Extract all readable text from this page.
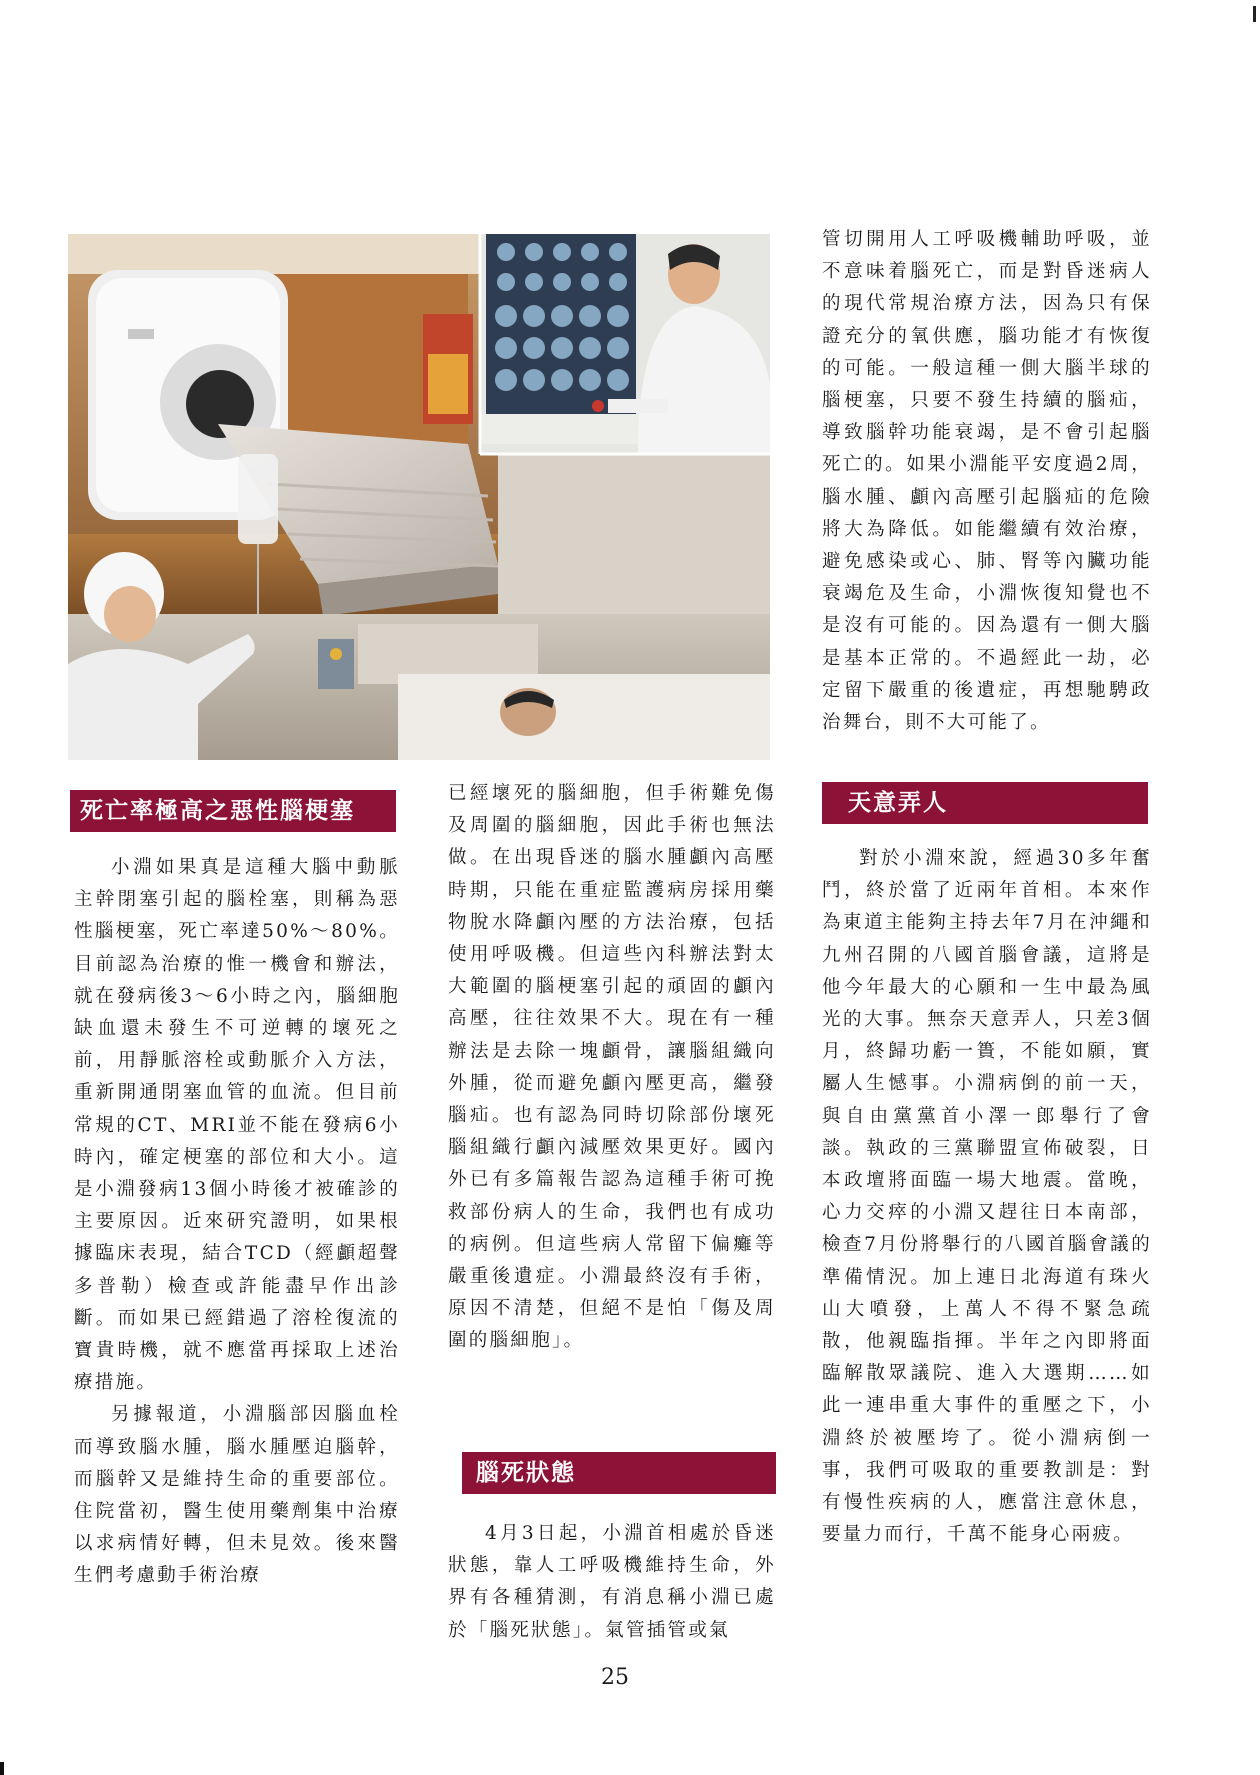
死亡率極高之惡性腦梗塞

小淵如果真是這種大腦中動脈主幹閉塞引起的腦栓塞，則稱為惡性腦梗塞，死亡率達50%～80%。目前認為治療的惟一機會和辦法，就在發病後3～6小時之內，腦細胞缺血還未發生不可逆轉的壞死之前，用靜脈溶栓或動脈介入方法，重新開通閉塞血管的血流。但目前常規的CT、MRI並不能在發病6小時內，確定梗塞的部位和大小。這是小淵發病13個小時後才被確診的主要原因。近來研究證明，如果根據臨床表現，結合TCD（經顱超聲多普勒）檢查或許能盡早作出診斷。而如果已經錯過了溶栓復流的寶貴時機，就不應當再採取上述治療措施。

另據報道，小淵腦部因腦血栓而導致腦水腫，腦水腫壓迫腦幹，而腦幹又是維持生命的重要部位。住院當初，醫生使用藥劑集中治療以求病情好轉，但未見效。後來醫生們考慮動手術治療

已經壞死的腦細胞，但手術難免傷及周圍的腦細胞，因此手術也無法做。在出現昏迷的腦水腫顱內高壓時期，只能在重症監護病房採用藥物脫水降顱內壓的方法治療，包括使用呼吸機。但這些內科辦法對太大範圍的腦梗塞引起的頑固的顱內高壓，往往效果不大。現在有一種辦法是去除一塊顱骨，讓腦組織向外腫，從而避免顱內壓更高，繼發腦疝。也有認為同時切除部份壞死腦組織行顱內減壓效果更好。國內外已有多篇報告認為這種手術可挽救部份病人的生命，我們也有成功的病例。但這些病人常留下偏癱等嚴重後遺症。小淵最終沒有手術，原因不清楚，但絕不是怕「傷及周圍的腦細胞」。

腦死狀態

4月3日起，小淵首相處於昏迷狀態，靠人工呼吸機維持生命，外界有各種猜測，有消息稱小淵已處於「腦死狀態」。氣管插管或氣

管切開用人工呼吸機輔助呼吸，並不意味着腦死亡，而是對昏迷病人的現代常規治療方法，因為只有保證充分的氧供應，腦功能才有恢復的可能。一般這種一側大腦半球的腦梗塞，只要不發生持續的腦疝，導致腦幹功能衰竭，是不會引起腦死亡的。如果小淵能平安度過2周，腦水腫、顱內高壓引起腦疝的危險將大為降低。如能繼續有效治療，避免感染或心、肺、腎等內臟功能衰竭危及生命，小淵恢復知覺也不是沒有可能的。因為還有一側大腦是基本正常的。不過經此一劫，必定留下嚴重的後遺症，再想馳騁政治舞台，則不大可能了。

天意弄人

對於小淵來說，經過30多年奮鬥，終於當了近兩年首相。本來作為東道主能夠主持去年7月在沖繩和九州召開的八國首腦會議，這將是他今年最大的心願和一生中最為風光的大事。無奈天意弄人，只差3個月，終歸功虧一簣，不能如願，實屬人生憾事。小淵病倒的前一天，與自由黨黨首小澤一郎舉行了會談。執政的三黨聯盟宣佈破裂，日本政壇將面臨一場大地震。當晚，心力交瘁的小淵又趕往日本南部，檢查7月份將舉行的八國首腦會議的準備情況。加上連日北海道有珠火山大噴發，上萬人不得不緊急疏散，他親臨指揮。半年之內即將面臨解散眾議院、進入大選期……如此一連串重大事件的重壓之下，小淵終於被壓垮了。從小淵病倒一事，我們可吸取的重要教訓是：對有慢性疾病的人，應當注意休息，要量力而行，千萬不能身心兩疲。

25
